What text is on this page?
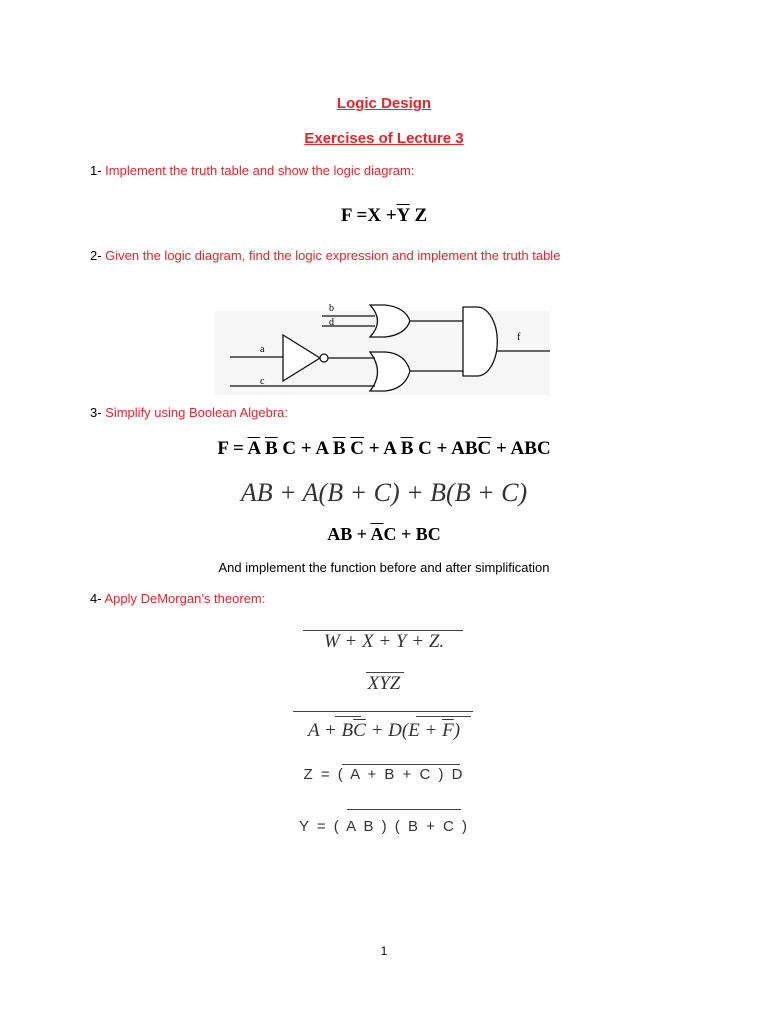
Logic Design
Exercises of Lecture 3
1- Implement the truth table and show the logic diagram:
$F =X +\overline{Y}$ Z
2- Given the logic diagram, find the logic expression and implement the truth table
b
d
a
c
f
3- Simplify using Boolean Algebra:
$F = \overline{A}$ $\overline{B}$ C + A $\overline{B}$ $\overline{C} + A$ $\overline{B}$ $C + AB\overline{C}$ + ABC
AB + A(B + C) + B(B + C)
AB + $\overline{A}C$ + BC
And implement the function before and after simplification
4- Apply DeMorgan’s theorem:
W + X + Y + Z.
XYZ
$A + B\overline{C} + D(E + \overline{F})$
Z = ( A + B + C ) D
Y = ( A B ) ( B + C )
1
